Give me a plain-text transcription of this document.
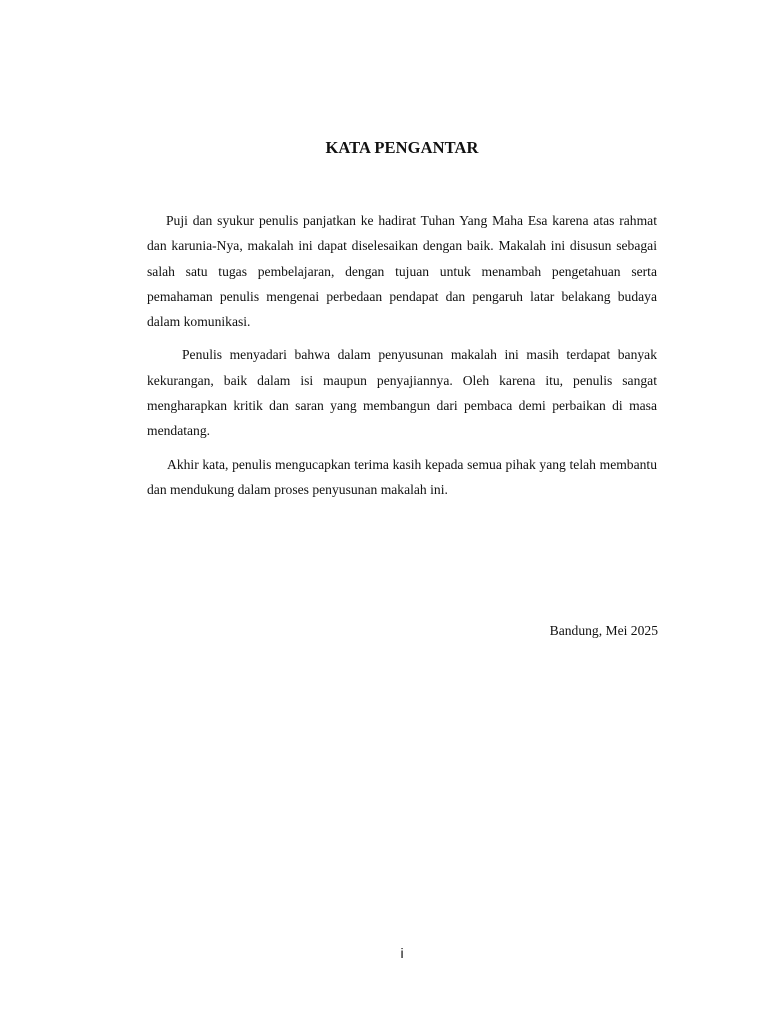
KATA PENGANTAR

Puji dan syukur penulis panjatkan ke hadirat Tuhan Yang Maha Esa karena atas rahmat dan karunia-Nya, makalah ini dapat diselesaikan dengan baik. Makalah ini disusun sebagai salah satu tugas pembelajaran, dengan tujuan untuk menambah pengetahuan serta pemahaman penulis mengenai perbedaan pendapat dan pengaruh latar belakang budaya dalam komunikasi.

Penulis menyadari bahwa dalam penyusunan makalah ini masih terdapat banyak kekurangan, baik dalam isi maupun penyajiannya. Oleh karena itu, penulis sangat mengharapkan kritik dan saran yang membangun dari pembaca demi perbaikan di masa mendatang.

Akhir kata, penulis mengucapkan terima kasih kepada semua pihak yang telah membantu dan mendukung dalam proses penyusunan makalah ini.

Bandung, Mei 2025

i
